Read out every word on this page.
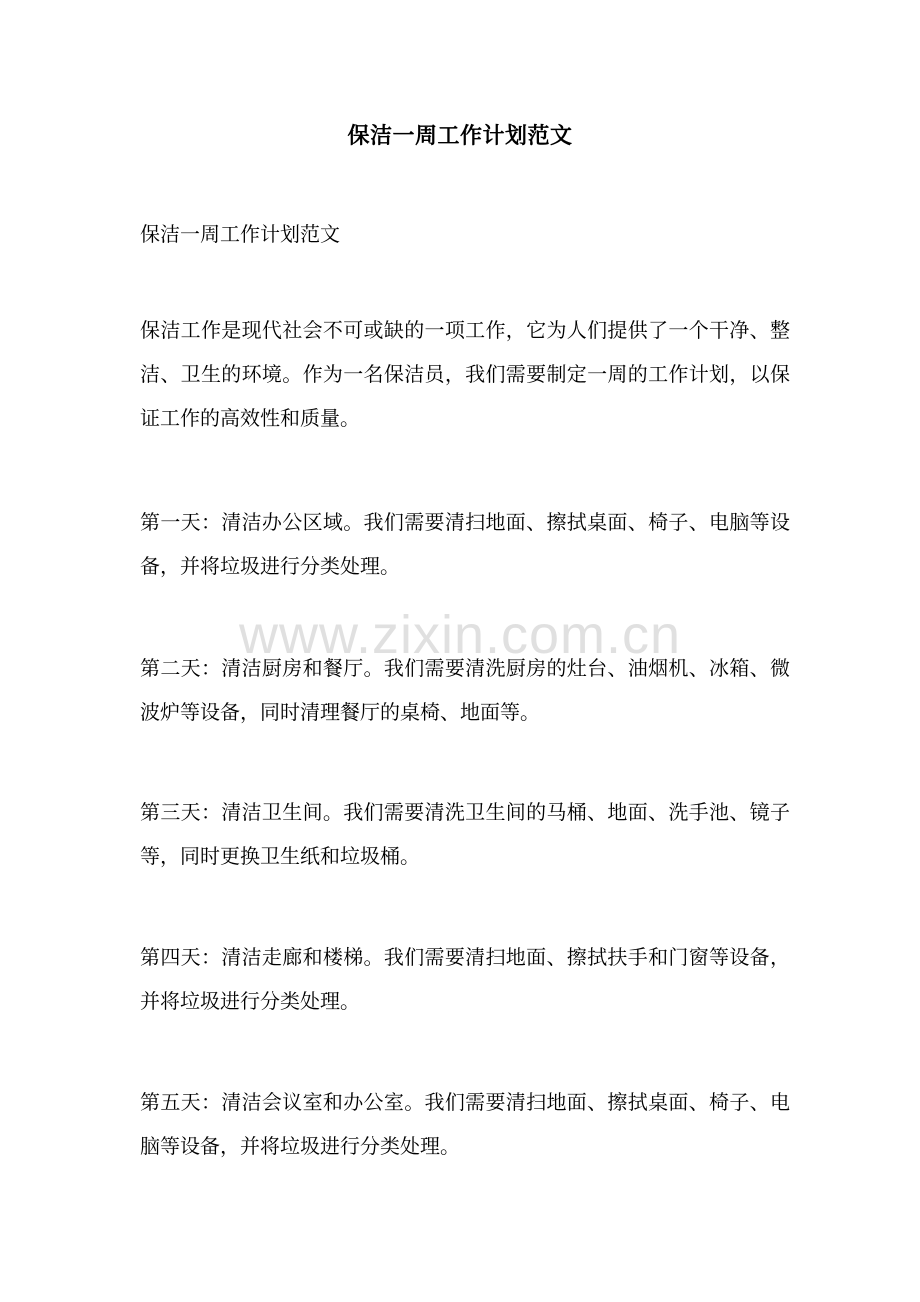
保洁一周工作计划范文
保洁一周工作计划范文
保洁工作是现代社会不可或缺的一项工作，它为人们提供了一个干净、整洁、卫生的环境。作为一名保洁员，我们需要制定一周的工作计划，以保证工作的高效性和质量。
第一天：清洁办公区域。我们需要清扫地面、擦拭桌面、椅子、电脑等设备，并将垃圾进行分类处理。
第二天：清洁厨房和餐厅。我们需要清洗厨房的灶台、油烟机、冰箱、微波炉等设备，同时清理餐厅的桌椅、地面等。
第三天：清洁卫生间。我们需要清洗卫生间的马桶、地面、洗手池、镜子等，同时更换卫生纸和垃圾桶。
第四天：清洁走廊和楼梯。我们需要清扫地面、擦拭扶手和门窗等设备，并将垃圾进行分类处理。
第五天：清洁会议室和办公室。我们需要清扫地面、擦拭桌面、椅子、电脑等设备，并将垃圾进行分类处理。
www.zixin.com.cn
